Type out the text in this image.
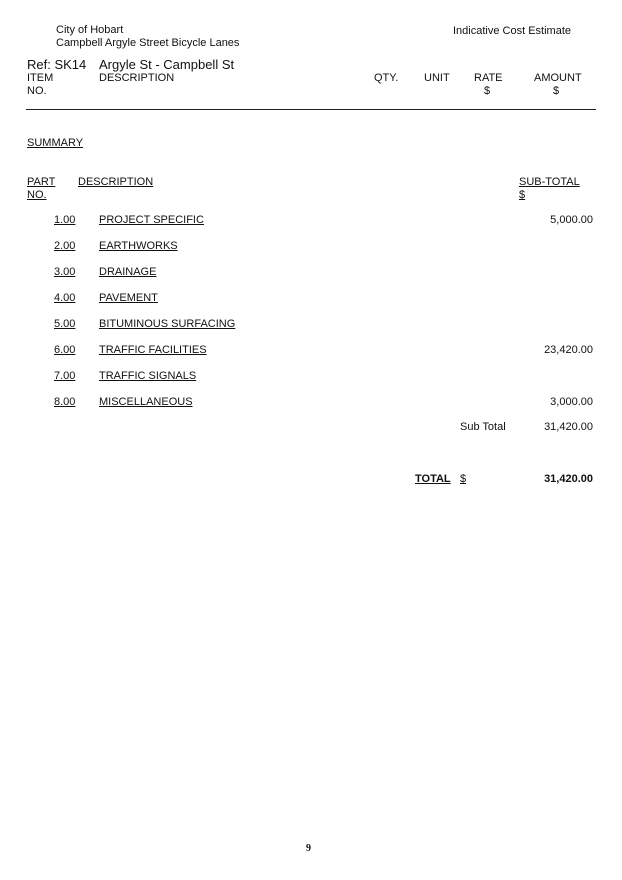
City of Hobart
Campbell Argyle Street Bicycle Lanes
Indicative Cost Estimate
Ref: SK14 Argyle St - Campbell St
ITEM
NO.
DESCRIPTION	QTY. UNIT RATE
$
AMOUNT
$
SUMMARY
PART
NO.
DESCRIPTION	SUB-TOTAL
$
1.00 PROJECT SPECIFIC	5,000.00
2.00 EARTHWORKS
3.00 DRAINAGE
4.00 PAVEMENT
5.00 BITUMINOUS SURFACING
6.00 TRAFFIC FACILITIES	23,420.00
7.00 TRAFFIC SIGNALS
8.00 MISCELLANEOUS	3,000.00
Sub Total	31,420.00
TOTAL $	31,420.00
9
